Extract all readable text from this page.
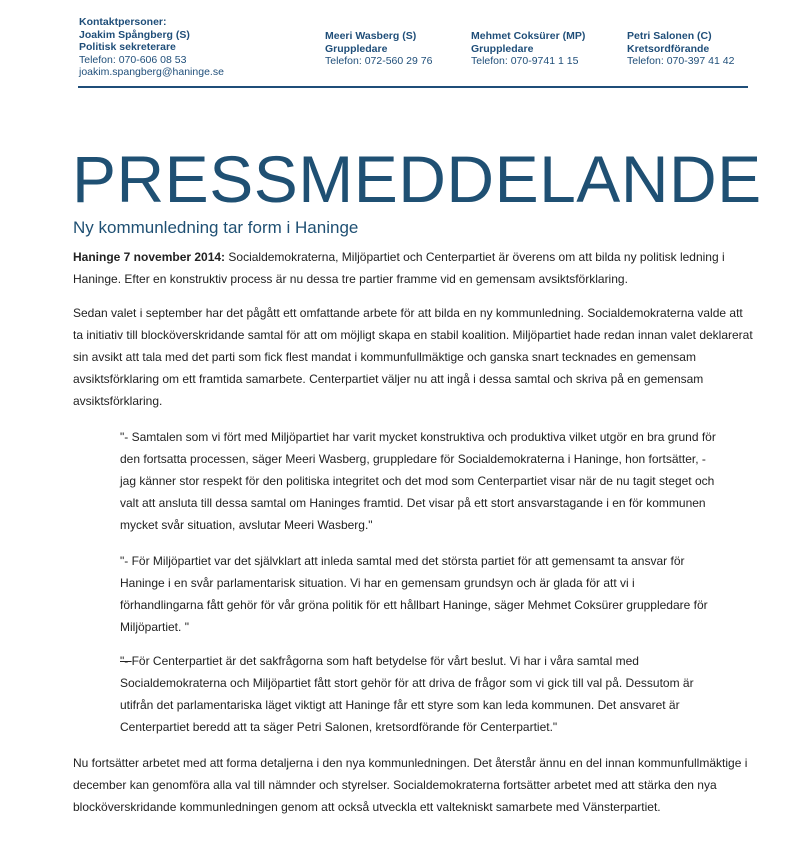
Kontaktpersoner:
Joakim Spångberg (S)
Politisk sekreterare
Telefon: 070-606 08 53
joakim.spangberg@haninge.se
Meeri Wasberg (S)
Gruppledare
Telefon: 072-560 29 76
Mehmet Coksürer (MP)
Gruppledare
Telefon: 070-9741 1 15
Petri Salonen (C)
Kretsordförande
Telefon: 070-397 41 42
PRESSMEDDELANDE
Ny kommunledning tar form i Haninge

Haninge 7 november 2014: Socialdemokraterna, Miljöpartiet och Centerpartiet är överens om att bilda ny politisk ledning i Haninge. Efter en konstruktiv process är nu dessa tre partier framme vid en gemensam avsiktsförklaring.

Sedan valet i september har det pågått ett omfattande arbete för att bilda en ny kommunledning. Socialdemokraterna valde att ta initiativ till blocköverskridande samtal för att om möjligt skapa en stabil koalition. Miljöpartiet hade redan innan valet deklarerat sin avsikt att tala med det parti som fick flest mandat i kommunfullmäktige och ganska snart tecknades en gemensam avsiktsförklaring om ett framtida samarbete. Centerpartiet väljer nu att ingå i dessa samtal och skriva på en gemensam avsiktsförklaring.

"- Samtalen som vi fört med Miljöpartiet har varit mycket konstruktiva och produktiva vilket utgör en bra grund för den fortsatta processen, säger Meeri Wasberg, gruppledare för Socialdemokraterna i Haninge, hon fortsätter, - jag känner stor respekt för den politiska integritet och det mod som Centerpartiet visar när de nu tagit steget och valt att ansluta till dessa samtal om Haninges framtid. Det visar på ett stort ansvarstagande i en för kommunen mycket svår situation, avslutar Meeri Wasberg."

"- För Miljöpartiet var det självklart att inleda samtal med det största partiet för att gemensamt ta ansvar för Haninge i en svår parlamentarisk situation. Vi har en gemensam grundsyn och är glada för att vi i förhandlingarna fått gehör för vår gröna politik för ett hållbart Haninge, säger Mehmet Coksürer gruppledare för Miljöpartiet. "

"- För Centerpartiet är det sakfrågorna som haft betydelse för vårt beslut. Vi har i våra samtal med Socialdemokraterna och Miljöpartiet fått stort gehör för att driva de frågor som vi gick till val på. Dessutom är utifrån det parlamentariska läget viktigt att Haninge får ett styre som kan leda kommunen. Det ansvaret är Centerpartiet beredd att ta säger Petri Salonen, kretsordförande för Centerpartiet."

Nu fortsätter arbetet med att forma detaljerna i den nya kommunledningen. Det återstår ännu en del innan kommunfullmäktige i december kan genomföra alla val till nämnder och styrelser. Socialdemokraterna fortsätter arbetet med att stärka den nya blocköverskridande kommunledningen genom att också utveckla ett valtekniskt samarbete med Vänsterpartiet.
